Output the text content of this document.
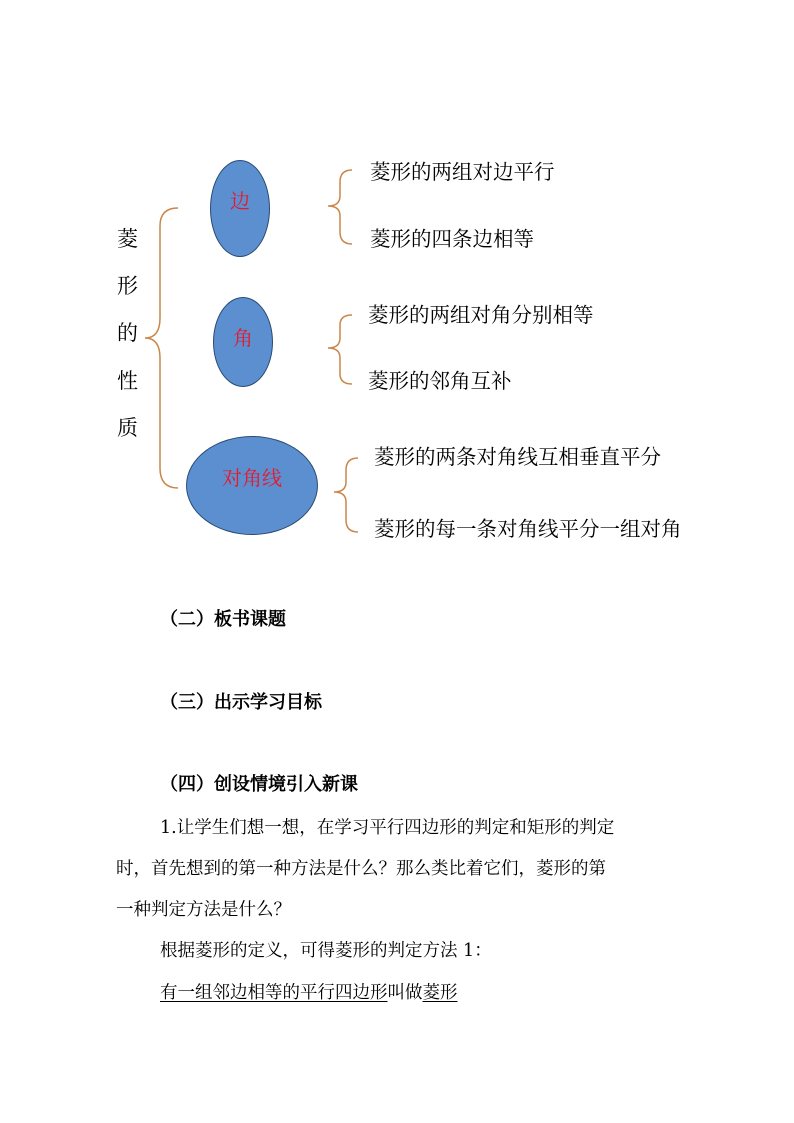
菱
形
的
性
质
边
角
对角线
菱形的两组对边平行
菱形的四条边相等
菱形的两组对角分别相等
菱形的邻角互补
菱形的两条对角线互相垂直平分
菱形的每一条对角线平分一组对角
（二）板书课题
（三）出示学习目标
（四）创设情境引入新课
1.让学生们想一想，在学习平行四边形的判定和矩形的判定
时，首先想到的第一种方法是什么？那么类比着它们，菱形的第
一种判定方法是什么？
根据菱形的定义，可得菱形的判定方法 1：
有一组邻边相等的平行四边形叫做菱形
